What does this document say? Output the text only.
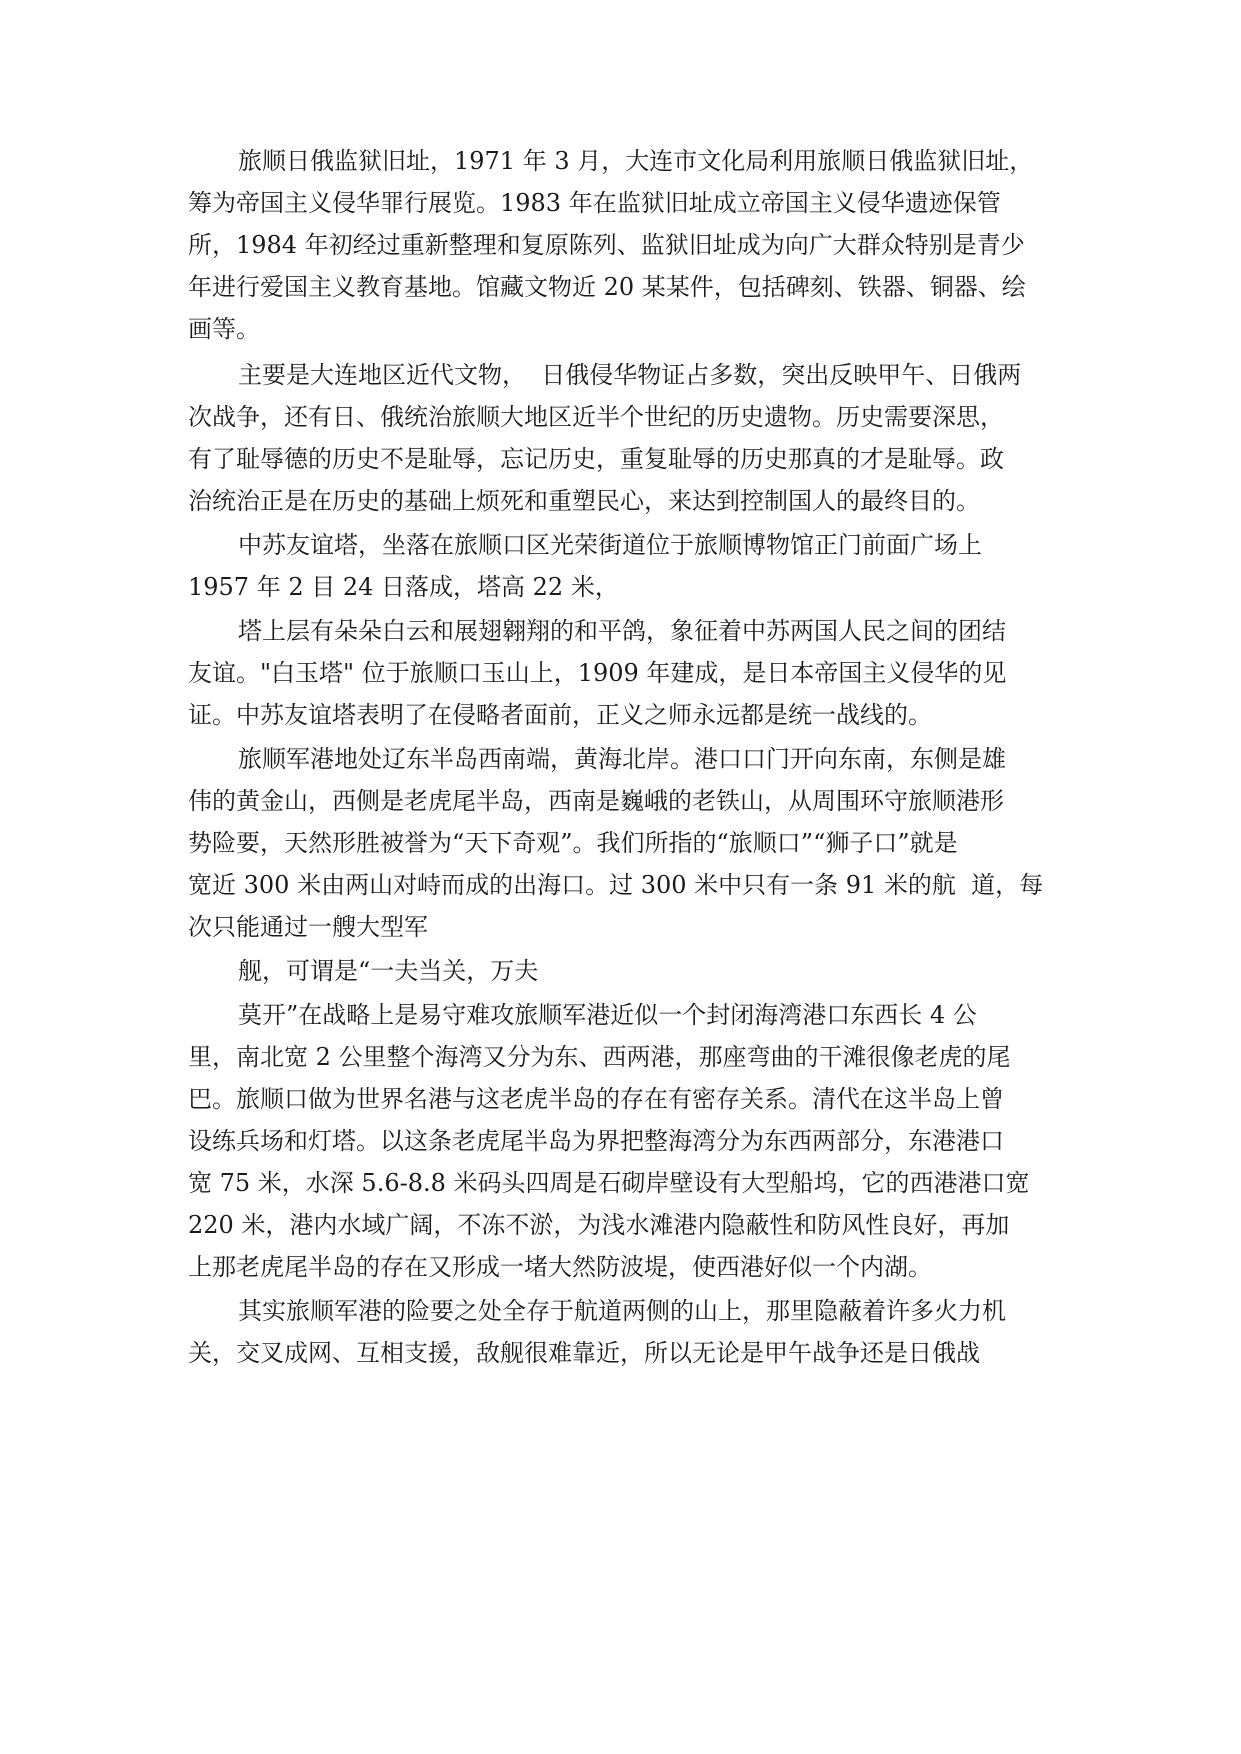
旅顺日俄监狱旧址，1971 年 3 月，大连市文化局利用旅顺日俄监狱旧址，

筹为帝国主义侵华罪行展览。1983 年在监狱旧址成立帝国主义侵华遗迹保管

所，1984 年初经过重新整理和复原陈列、监狱旧址成为向广大群众特别是青少

年进行爱国主义教育基地。馆藏文物近 20 某某件，包括碑刻、铁器、铜器、绘

画等。

主要是大连地区近代文物，  日俄侵华物证占多数，突出反映甲午、日俄两

次战争，还有日、俄统治旅顺大地区近半个世纪的历史遗物。历史需要深思，

有了耻辱德的历史不是耻辱，忘记历史，重复耻辱的历史那真的才是耻辱。政

治统治正是在历史的基础上烦死和重塑民心，来达到控制国人的最终目的。

中苏友谊塔，坐落在旅顺口区光荣街道位于旅顺博物馆正门前面广场上

1957 年 2 目 24 日落成，塔高 22 米，

塔上层有朵朵白云和展翅翱翔的和平鸽，象征着中苏两国人民之间的团结

友谊。"白玉塔" 位于旅顺口玉山上，1909 年建成，是日本帝国主义侵华的见

证。中苏友谊塔表明了在侵略者面前，正义之师永远都是统一战线的。

旅顺军港地处辽东半岛西南端，黄海北岸。港口口门开向东南，东侧是雄

伟的黄金山，西侧是老虎尾半岛，西南是巍峨的老铁山，从周围环守旅顺港形

势险要，天然形胜被誉为“天下奇观”。我们所指的“旅顺口”“狮子口”就是

宽近 300 米由两山对峙而成的出海口。过 300 米中只有一条 91 米的航  道，每

次只能通过一艘大型军

舰，可谓是“一夫当关，万夫

莫开”在战略上是易守难攻旅顺军港近似一个封闭海湾港口东西长 4 公

里，南北宽 2 公里整个海湾又分为东、西两港，那座弯曲的干滩很像老虎的尾

巴。旅顺口做为世界名港与这老虎半岛的存在有密存关系。清代在这半岛上曾

设练兵场和灯塔。以这条老虎尾半岛为界把整海湾分为东西两部分，东港港口

宽 75 米，水深 5.6-8.8 米码头四周是石砌岸壁设有大型船坞，它的西港港口宽

220 米，港内水域广阔，不冻不淤，为浅水滩港内隐蔽性和防风性良好，再加

上那老虎尾半岛的存在又形成一堵大然防波堤，使西港好似一个内湖。

其实旅顺军港的险要之处全存于航道两侧的山上，那里隐蔽着许多火力机

关，交叉成网、互相支援，敌舰很难靠近，所以无论是甲午战争还是日俄战
